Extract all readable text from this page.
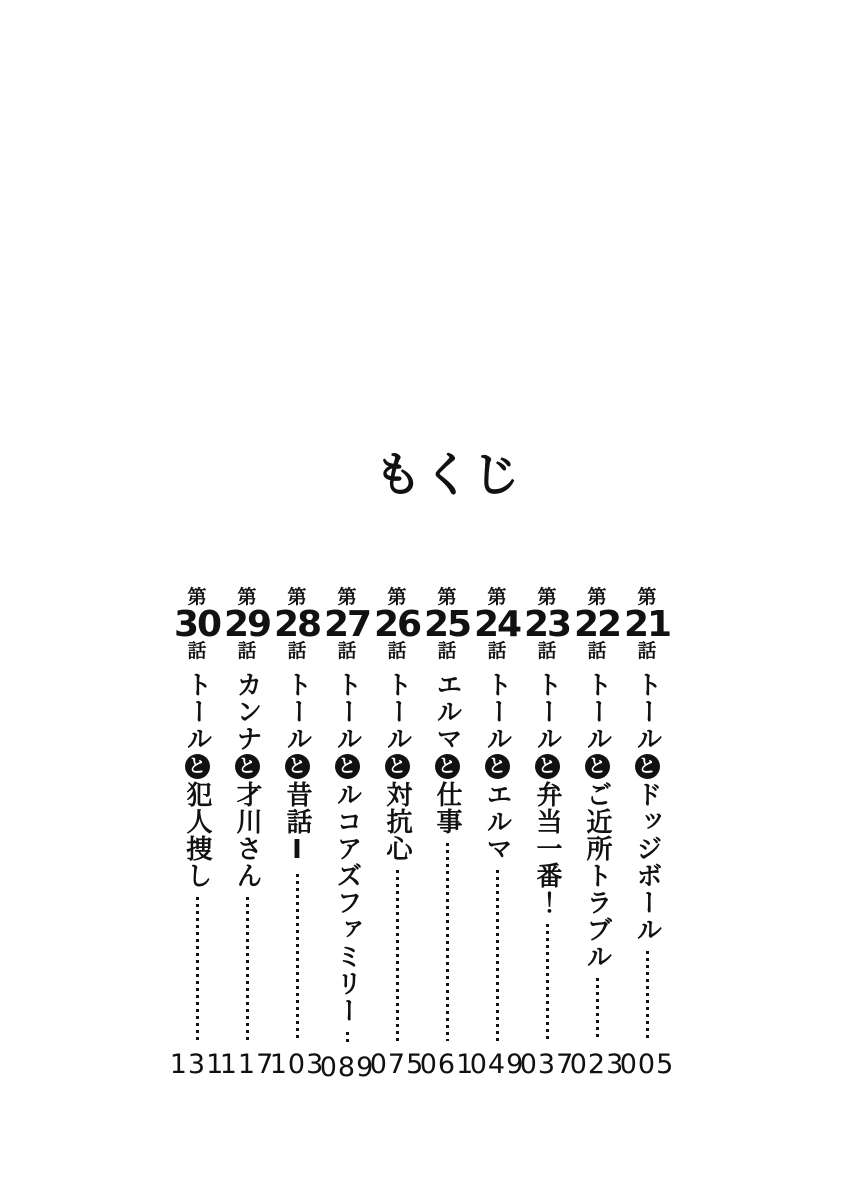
もくじ
第
21
話
トールとドッジボール
005
第
22
話
トールとご近所トラブル
023
第
23
話
トールと弁当一番！
037
第
24
話
トールとエルマ
049
第
25
話
エルマと仕事
061
第
26
話
トールと対抗心
075
第
27
話
トールとルコアズファミリー
089
第
28
話
トールと昔話Ⅰ
103
第
29
話
カンナと才川さん
117
第
30
話
トールと犯人捜し
131
